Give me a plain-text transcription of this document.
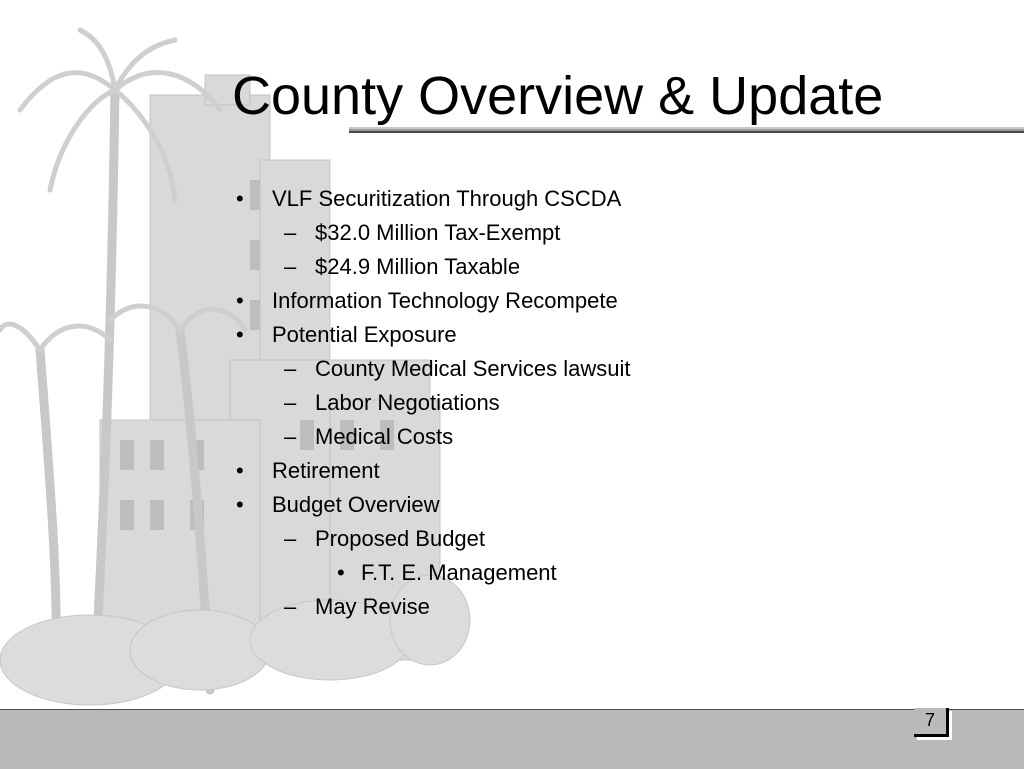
County Overview & Update
• VLF Securitization Through CSCDA
– $32.0 Million Tax-Exempt
– $24.9 Million Taxable
• Information Technology Recompete
• Potential Exposure
– County Medical Services lawsuit
– Labor Negotiations
– Medical Costs
• Retirement
• Budget Overview
– Proposed Budget
• F.T. E. Management
– May Revise
7
